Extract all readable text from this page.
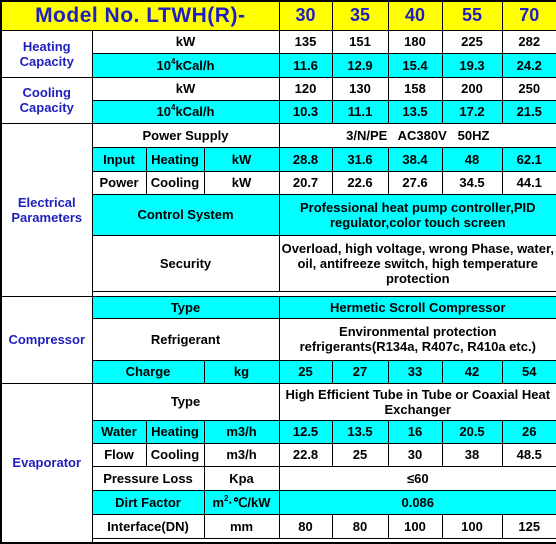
Model No. LTWH(R)-				30	35	40	55	70
Heating Capacity	kW			135	151	180	225	282
	$10^4kCal/h$			11.6	12.9	15.4	19.3	24.2
Cooling Capacity	kW			120	130	158	200	250
	$10^4kCal/h$			10.3	11.1	13.5	17.2	21.5
Electrical Parameters	Power Supply			3/N/PE   AC380V   50HZ				
	Input	Heating	kW	28.8	31.6	38.4	48	62.1
	Power	Cooling	kW	20.7	22.6	27.6	34.5	44.1
	Control System			Professional heat pump controller,PID regulator,color touch screen				
	Security			Overload, high voltage, wrong Phase, water, oil, antifreeze switch, high temperature protection				

Compressor	Type			Hermetic Scroll Compressor				
	Refrigerant			Environmental protection refrigerants(R134a, R407c, R410a etc.)				
	Charge		kg	25	27	33	42	54
Evaporator	Type			High Efficient Tube in Tube or Coaxial Heat Exchanger				
	Water	Heating	m3/h	12.5	13.5	16	20.5	26
	Flow	Cooling	m3/h	22.8	25	30	38	48.5
	Pressure Loss		Kpa	≤60				
	Dirt Factor		$m^2\cdot℃/kW$	0.086				
	Interface(DN)		mm	80	80	100	100	125
